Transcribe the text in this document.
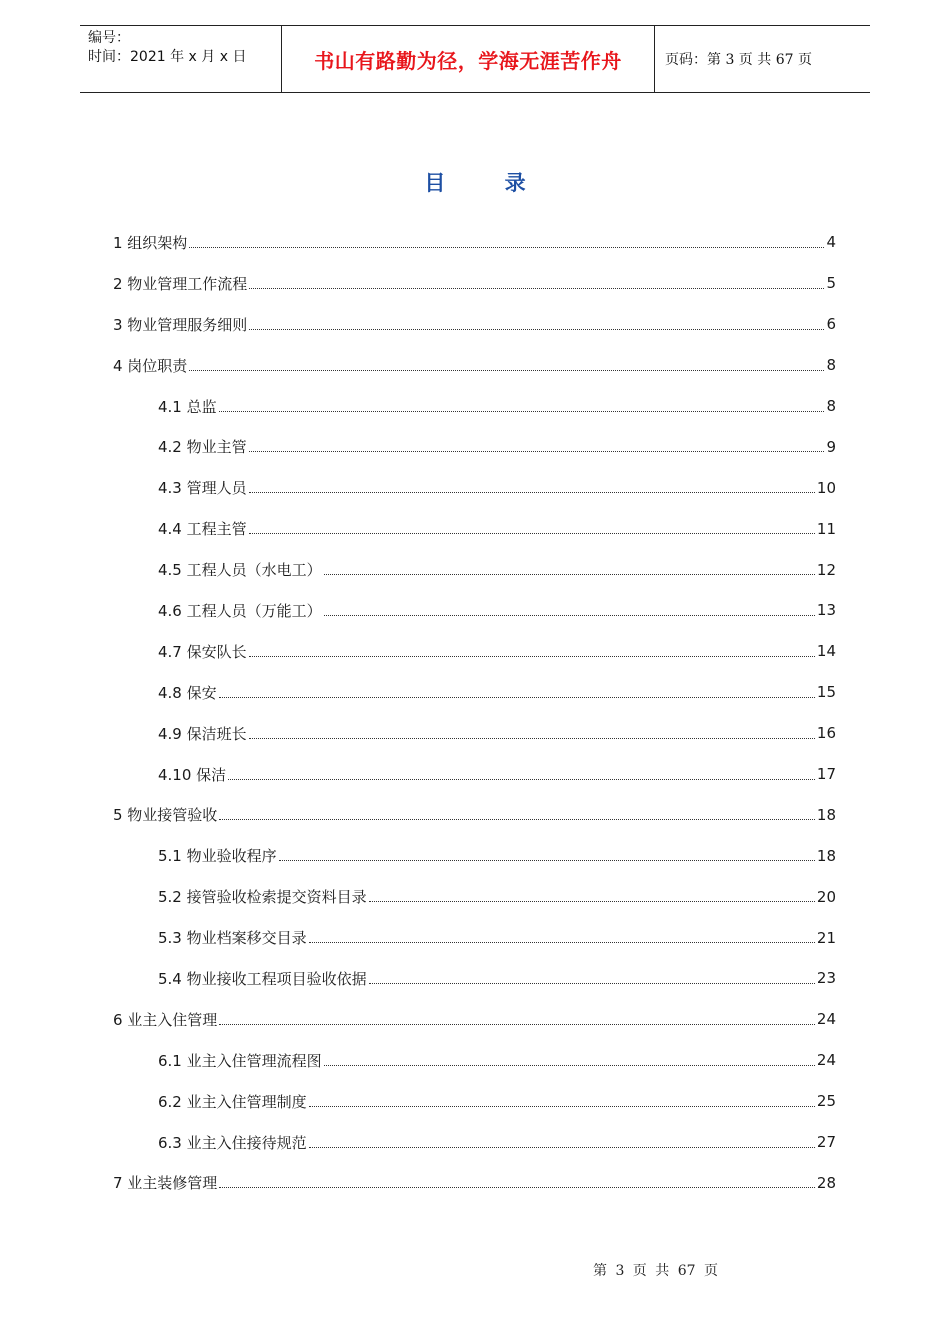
编号：
时间：2021 年 x 月 x 日	书山有路勤为径，学海无涯苦作舟	页码：第 3 页 共 67 页
目 录
1 组织架构	4
2 物业管理工作流程	5
3 物业管理服务细则	6
4 岗位职责	8
4.1 总监	8
4.2 物业主管	9
4.3 管理人员	10
4.4 工程主管	11
4.5 工程人员（水电工）	12
4.6 工程人员（万能工）	13
4.7 保安队长	14
4.8 保安	15
4.9 保洁班长	16
4.10 保洁	17
5 物业接管验收	18
5.1 物业验收程序	18
5.2 接管验收检索提交资料目录	20
5.3 物业档案移交目录	21
5.4 物业接收工程项目验收依据	23
6 业主入住管理	24
6.1 业主入住管理流程图	24
6.2 业主入住管理制度	25
6.3 业主入住接待规范	27
7 业主装修管理	28
第 3 页 共 67 页
